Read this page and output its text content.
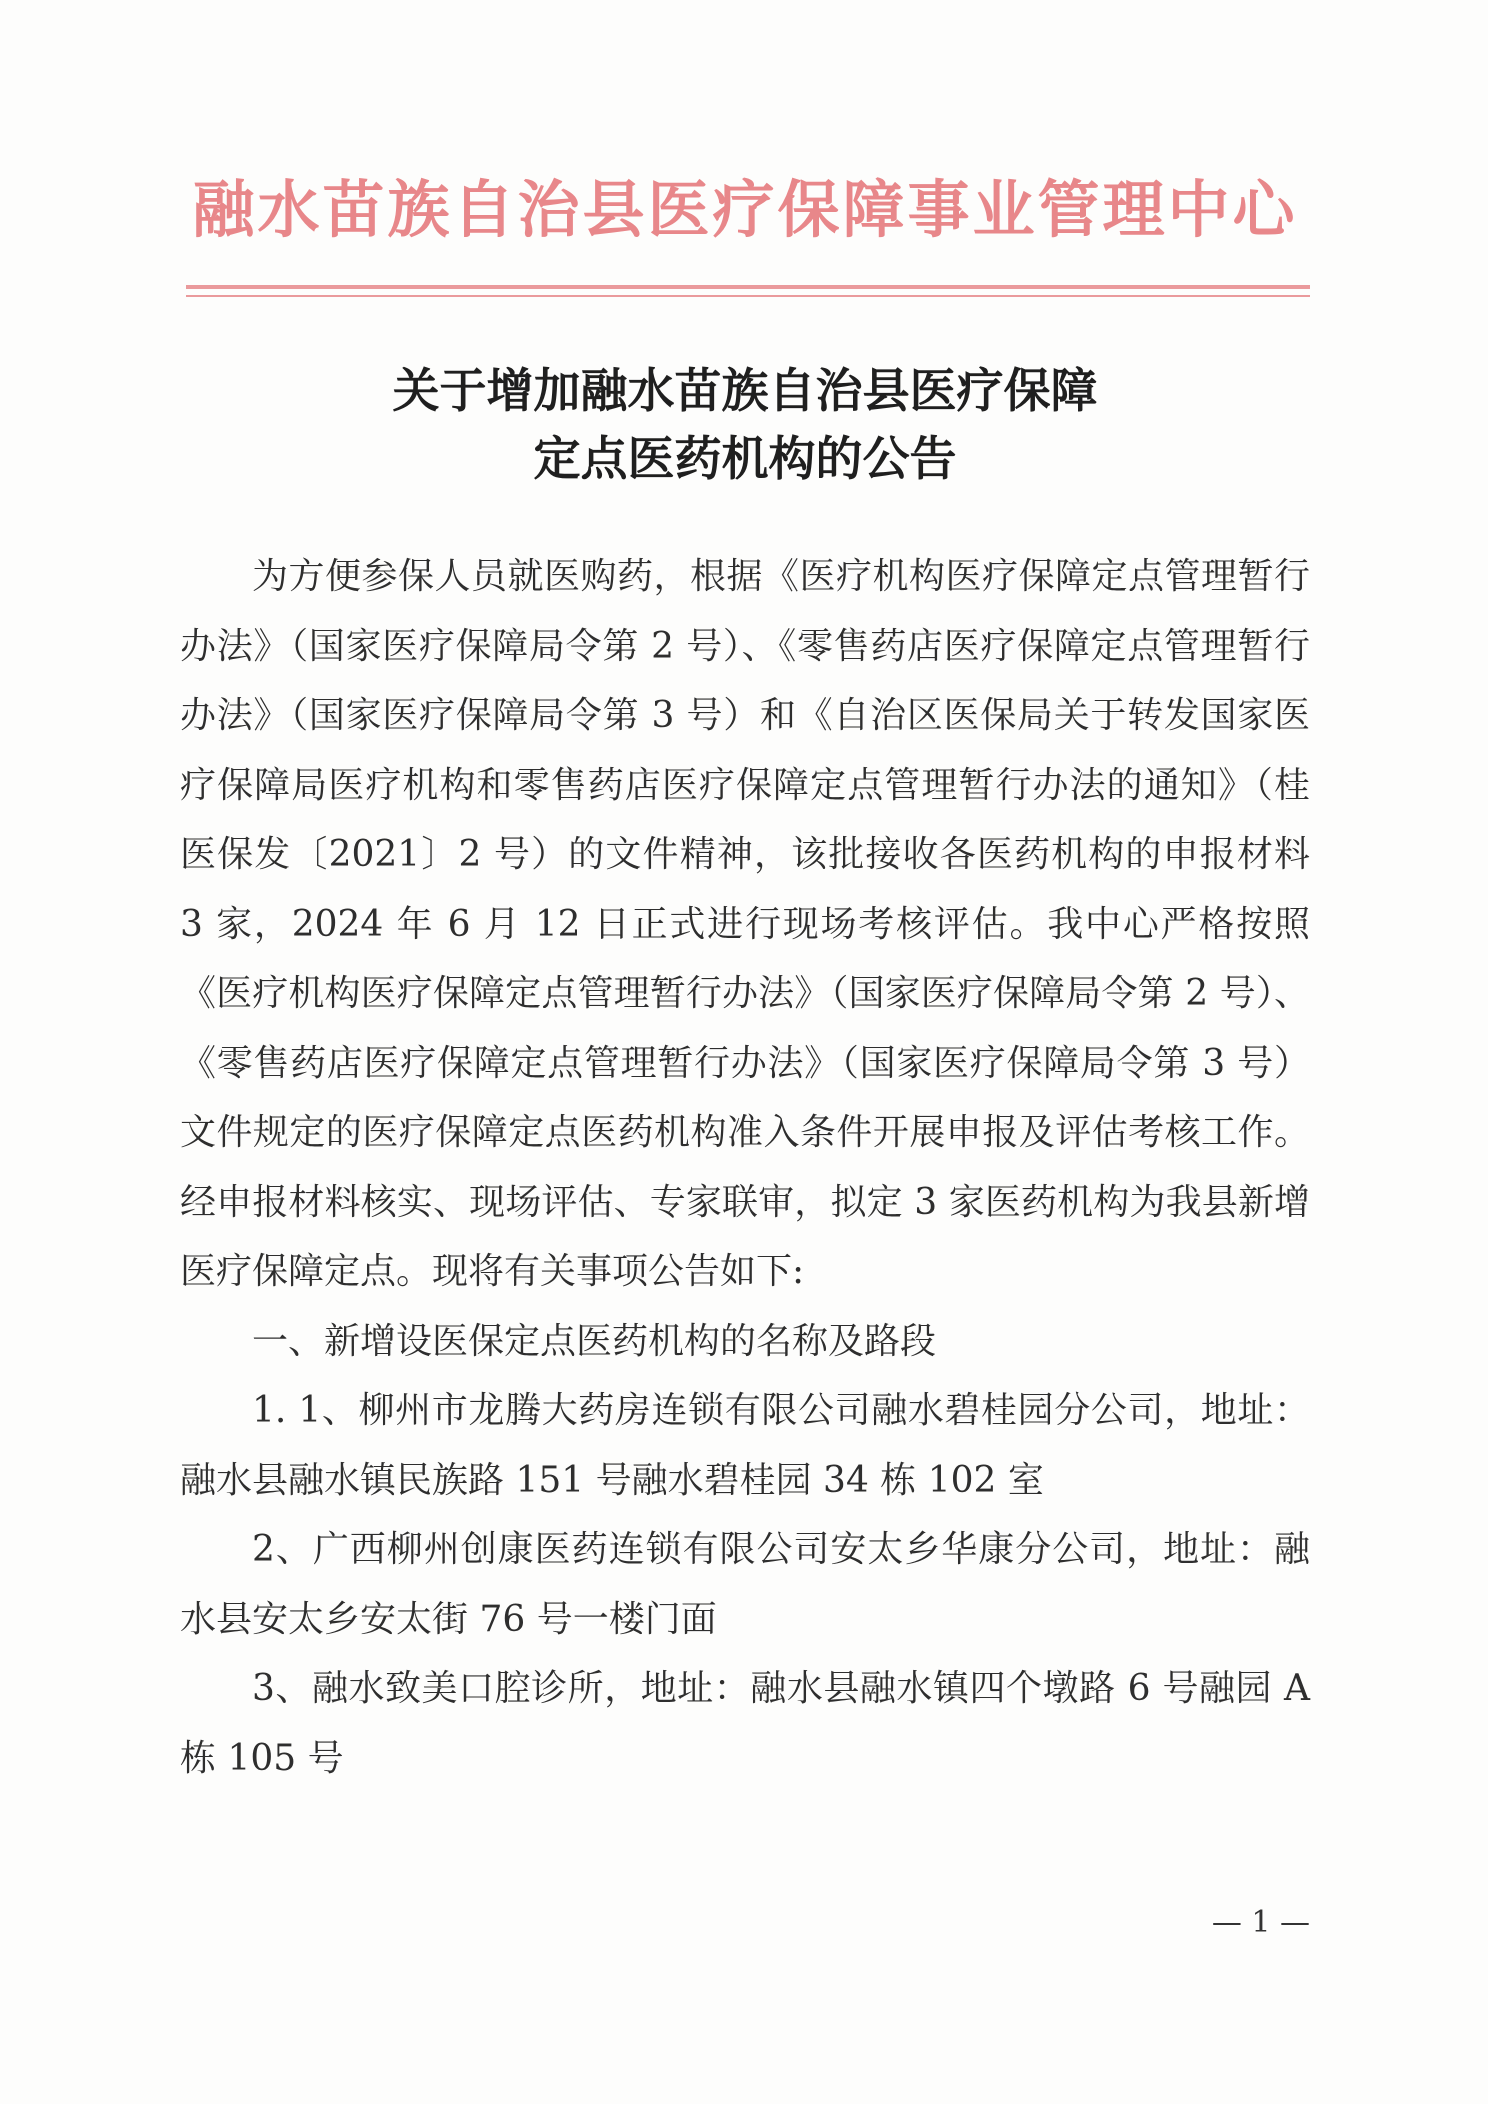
融水苗族自治县医疗保障事业管理中心
关于增加融水苗族自治县医疗保障
定点医药机构的公告

为方便参保人员就医购药，根据《医疗机构医疗保障定点管理暂行办法》（国家医疗保障局令第 2 号）、《零售药店医疗保障定点管理暂行办法》（国家医疗保障局令第 3 号）和《自治区医保局关于转发国家医疗保障局医疗机构和零售药店医疗保障定点管理暂行办法的通知》（桂医保发〔2021〕2 号）的文件精神，该批接收各医药机构的申报材料 3 家，2024 年 6 月 12 日正式进行现场考核评估。我中心严格按照《医疗机构医疗保障定点管理暂行办法》（国家医疗保障局令第 2 号）、《零售药店医疗保障定点管理暂行办法》（国家医疗保障局令第 3 号）文件规定的医疗保障定点医药机构准入条件开展申报及评估考核工作。经申报材料核实、现场评估、专家联审，拟定 3 家医药机构为我县新增医疗保障定点。现将有关事项公告如下:

一、新增设医保定点医药机构的名称及路段

1. 1、柳州市龙腾大药房连锁有限公司融水碧桂园分公司，地址：融水县融水镇民族路 151 号融水碧桂园 34 栋 102 室

2、广西柳州创康医药连锁有限公司安太乡华康分公司，地址：融水县安太乡安太街 76 号一楼门面

3、融水致美口腔诊所，地址：融水县融水镇四个墩路 6 号融园 A 栋 105 号

— 1 —
